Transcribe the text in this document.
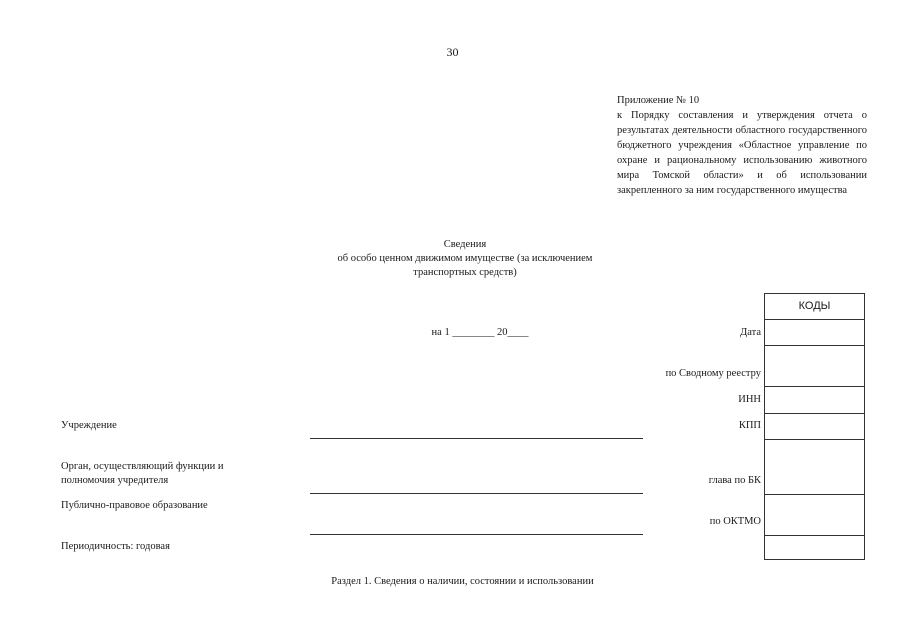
30
Приложение № 10
к Порядку составления и утверждения отчета о результатах деятельности областного государственного бюджетного учреждения «Областное управление по охране и рациональному использованию животного мира Томской области» и об использовании закрепленного за ним государственного имущества
Сведения
об особо ценном движимом имуществе (за исключением
транспортных средств)
на 1 ________ 20____
Учреждение
Орган, осуществляющий функции и
полномочия учредителя
Публично-правовое образование
Периодичность: годовая
Дата
по Сводному реестру
ИНН
КПП
глава по БК
по ОКТМО
КОДЫ
Раздел 1. Сведения о наличии, состоянии и использовании
